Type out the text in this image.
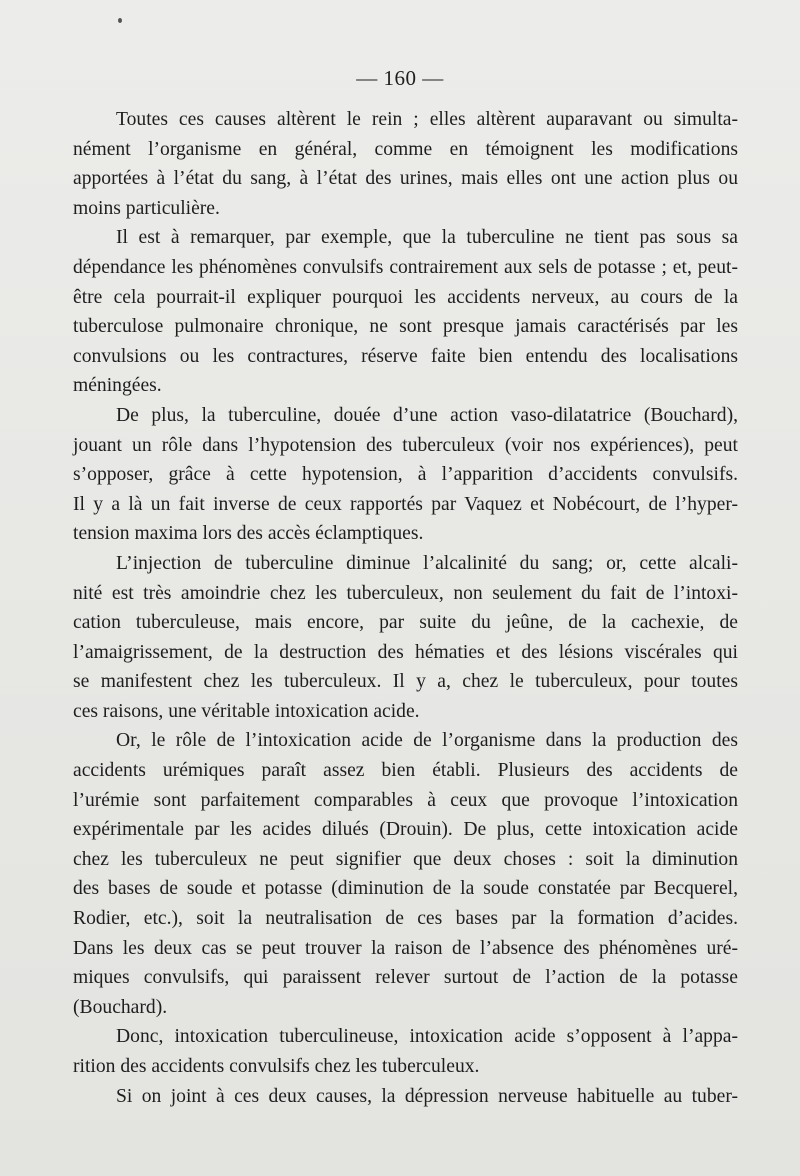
— 160 —
Toutes ces causes altèrent le rein ; elles altèrent auparavant ou simulta-
nément l’organisme en général, comme en témoignent les modifications
apportées à l’état du sang, à l’état des urines, mais elles ont une action plus ou
moins particulière.
Il est à remarquer, par exemple, que la tuberculine ne tient pas sous sa
dépendance les phénomènes convulsifs contrairement aux sels de potasse ; et, peut-
être cela pourrait-il expliquer pourquoi les accidents nerveux, au cours de la
tuberculose pulmonaire chronique, ne sont presque jamais caractérisés par les
convulsions ou les contractures, réserve faite bien entendu des localisations
méningées.
De plus, la tuberculine, douée d’une action vaso-dilatatrice (Bouchard),
jouant un rôle dans l’hypotension des tuberculeux (voir nos expériences), peut
s’opposer, grâce à cette hypotension, à l’apparition d’accidents convulsifs.
Il y a là un fait inverse de ceux rapportés par Vaquez et Nobécourt, de l’hyper-
tension maxima lors des accès éclamptiques.
L’injection de tuberculine diminue l’alcalinité du sang; or, cette alcali-
nité est très amoindrie chez les tuberculeux, non seulement du fait de l’intoxi-
cation tuberculeuse, mais encore, par suite du jeûne, de la cachexie, de
l’amaigrissement, de la destruction des hématies et des lésions viscérales qui
se manifestent chez les tuberculeux. Il y a, chez le tuberculeux, pour toutes
ces raisons, une véritable intoxication acide.
Or, le rôle de l’intoxication acide de l’organisme dans la production des
accidents urémiques paraît assez bien établi. Plusieurs des accidents de
l’urémie sont parfaitement comparables à ceux que provoque l’intoxication
expérimentale par les acides dilués (Drouin). De plus, cette intoxication acide
chez les tuberculeux ne peut signifier que deux choses : soit la diminution
des bases de soude et potasse (diminution de la soude constatée par Becquerel,
Rodier, etc.), soit la neutralisation de ces bases par la formation d’acides.
Dans les deux cas se peut trouver la raison de l’absence des phénomènes uré-
miques convulsifs, qui paraissent relever surtout de l’action de la potasse
(Bouchard).
Donc, intoxication tuberculineuse, intoxication acide s’opposent à l’appa-
rition des accidents convulsifs chez les tuberculeux.
Si on joint à ces deux causes, la dépression nerveuse habituelle au tuber-
